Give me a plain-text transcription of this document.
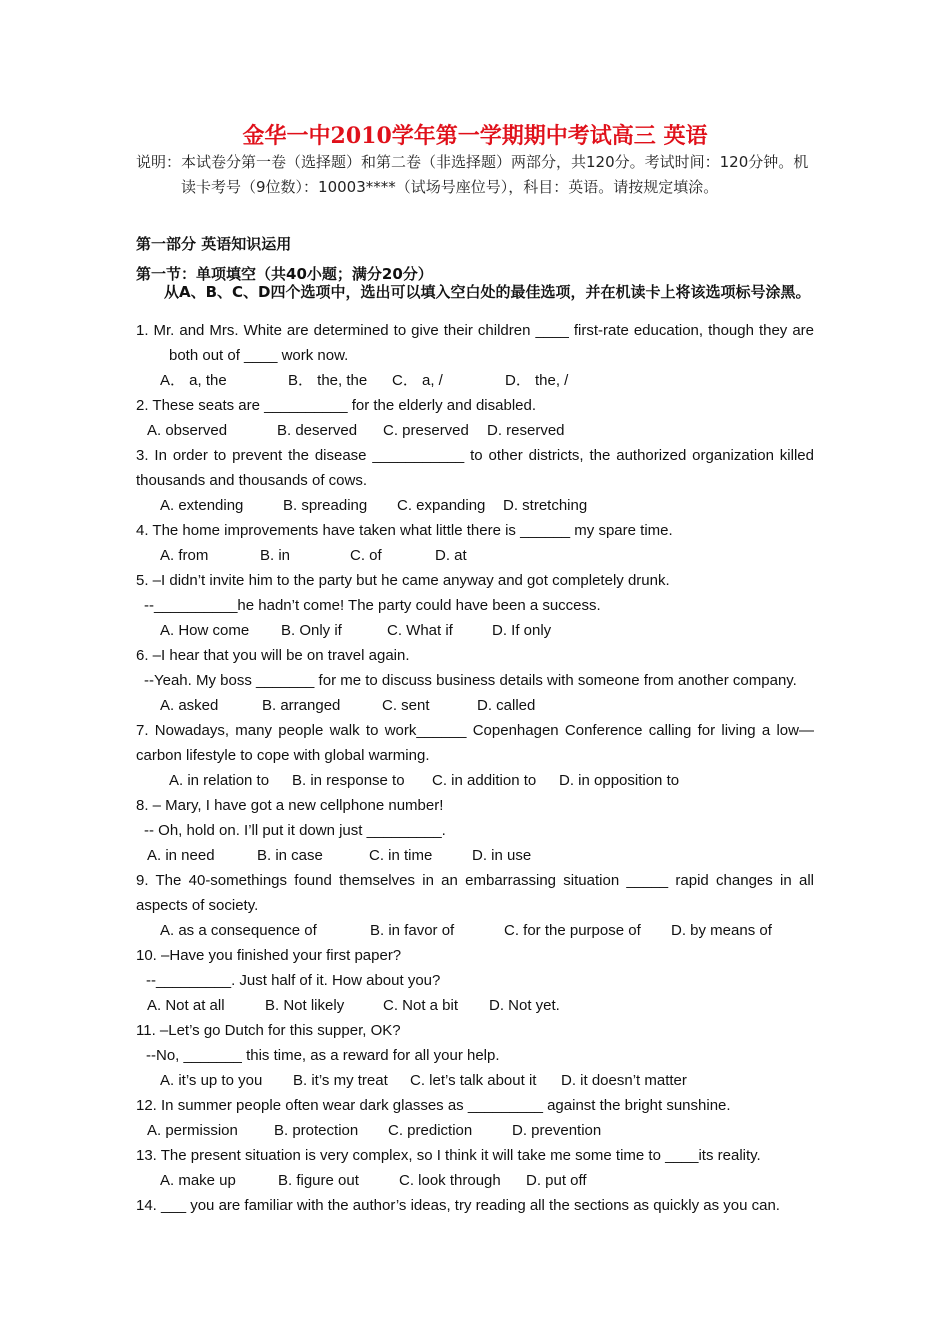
金华一中2010学年第一学期期中考试高三 英语

说明：本试卷分第一卷（选择题）和第二卷（非选择题）两部分，共120分。考试时间：120分钟。机读卡考号（9位数）：10003****（试场号座位号），科目：英语。请按规定填涂。

第一部分 英语知识运用
第一节：单项填空（共40小题；满分20分）
从A、B、C、D四个选项中，选出可以填入空白处的最佳选项，并在机读卡上将该选项标号涂黑。
1. Mr. and Mrs. White are determined to give their children ____ first-rate education, though they are both out of ____ work now.
A． a, the	B． the, the C． a, /	D． the, /
2. These seats are __________ for the elderly and disabled.
A. observed	B. deserved C. preserved D. reserved
3. In order to prevent the disease ___________ to other districts, the authorized organization killed thousands and thousands of cows.
A. extending	B. spreading C. expanding D. stretching
4. The home improvements have taken what little there is ______ my spare time.
A. from	B. in	C. of	D. at
5. –I didn’t invite him to the party but he came anyway and got completely drunk.
--__________he hadn’t come! The party could have been a success.
A. How come B. Only if	C. What if	D. If only
6. –I hear that you will be on travel again.
--Yeah. My boss _______ for me to discuss business details with someone from another company.
A. asked	B. arranged	C. sent	D. called
7. Nowadays, many people walk to work______ Copenhagen Conference calling for living a low—carbon lifestyle to cope with global warming.
A. in relation to B. in response to C. in addition to D. in opposition to
8. – Mary, I have got a new cellphone number!
-- Oh, hold on. I’ll put it down just _________.
A. in need	B. in case	C. in time	D. in use
9. The 40-somethings found themselves in an embarrassing situation _____ rapid changes in all aspects of society.
A. as a consequence of	B. in favor of	C. for the purpose of D. by means of
10. –Have you finished your first paper?
--_________. Just half of it. How about you?
A. Not at all	B. Not likely	C. Not a bit D. Not yet.
11. –Let’s go Dutch for this supper, OK?
--No, _______ this time, as a reward for all your help.
A. it’s up to you B. it’s my treat C. let’s talk about it D. it doesn’t matter
12. In summer people often wear dark glasses as _________ against the bright sunshine.
A. permission B. protection C. prediction	D. prevention
13. The present situation is very complex, so I think it will take me some time to ____its reality.
A. make up	B. figure out	C. look through D. put off
14. ___ you are familiar with the author’s ideas, try reading all the sections as quickly as you can.
